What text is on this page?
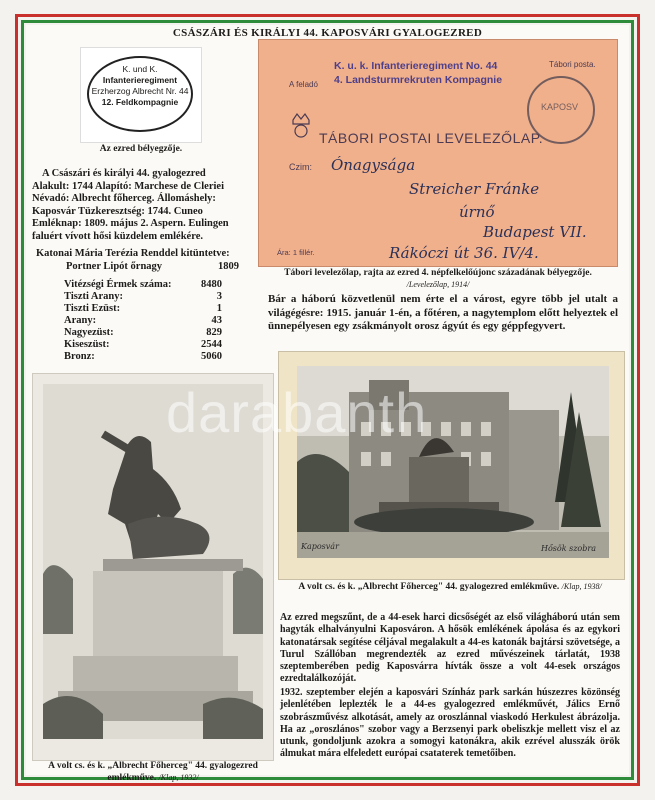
CSÁSZÁRI ÉS KIRÁLYI 44. KAPOSVÁRI GYALOGEZRED
K. und K.
Infanterieregiment
Erzherzog Albrecht Nr. 44
12. Feldkompagnie
Az ezred bélyegzője.
A Császári és királyi 44. gyalogezred
Alakult: 1744 Alapító: Marchese de Cleriei
Névadó: Albrecht főherceg. Állomáshely:
Kaposvár Tüzkeresztség: 1744. Cuneo
Emléknap: 1809. május 2. Aspern. Eulingen
faluért vívott hősi küzdelem emlékére.
Katonai Mária Terézia Renddel kitüntetve:
Portner Lipót őrnagy	1809
Vitézségi Érmek száma:	8480
Tiszti Arany:	3
Tiszti Ezüst:	1
Arany:	43
Nagyezüst:	829
Kiseszüst:	2544
Bronz:	5060
A feladó
K. u. k. Infanterieregiment No. 44
4. Landsturmrekruten Kompagnie
Tábori posta.
KAPOSV
TÁBORI POSTAI LEVELEZŐLAP.
Czim: Ónagysága
Streicher Fránke
úrnő
Budapest VII.
Rákóczi út 36. IV/4.
Ára: 1 fillér.
Tábori levelezőlap, rajta az ezred 4. népfelkelőújonc századának bélyegzője. /Levelezőlap, 1914/
Bár a háború közvetlenül nem érte el a várost, egyre több jel utalt a világégésre: 1915. január 1-én, a főtéren, a nagytemplom előtt helyeztek el ünnepélyesen egy zsákmányolt orosz ágyút és egy géppfegyvert.
Kaposvár	Hősök szobra
A volt cs. és k. „Albrecht Főherceg" 44. gyalogezred emlékműve. /Klap, 1938/
A volt cs. és k. „Albrecht Főherceg" 44. gyalogezred emlékműve. /Klap, 1932/
Az ezred megszűnt, de a 44-esek harci dicsőségét az első világháború után sem hagyták elhalványulni Kaposváron. A hősök emlékének ápolása és az egykori katonatársak segítése céljával megalakult a 44-es katonák bajtársi szövetsége, a Turul Szállóban megrendezték az ezred művészeinek tárlatát, 1938 szeptemberében pedig Kaposvárra hívták össze a volt 44-esek országos ezredtalálkozóját.
1932. szeptember elején a kaposvári Színház park sarkán húszezres közönség jelenlétében leplezték le a 44-es gyalogezred emlékművét, Jálics Ernő szobrászművész alkotását, amely az oroszlánnal viaskodó Herkulest ábrázolja. Ha az „oroszlános" szobor vagy a Berzsenyi park obeliszkje mellett visz el az utunk, gondoljunk azokra a somogyi katonákra, akik ezrével alusszák örök álmukat mára elfeledett európai csataterek temetőiben.
darabanth
